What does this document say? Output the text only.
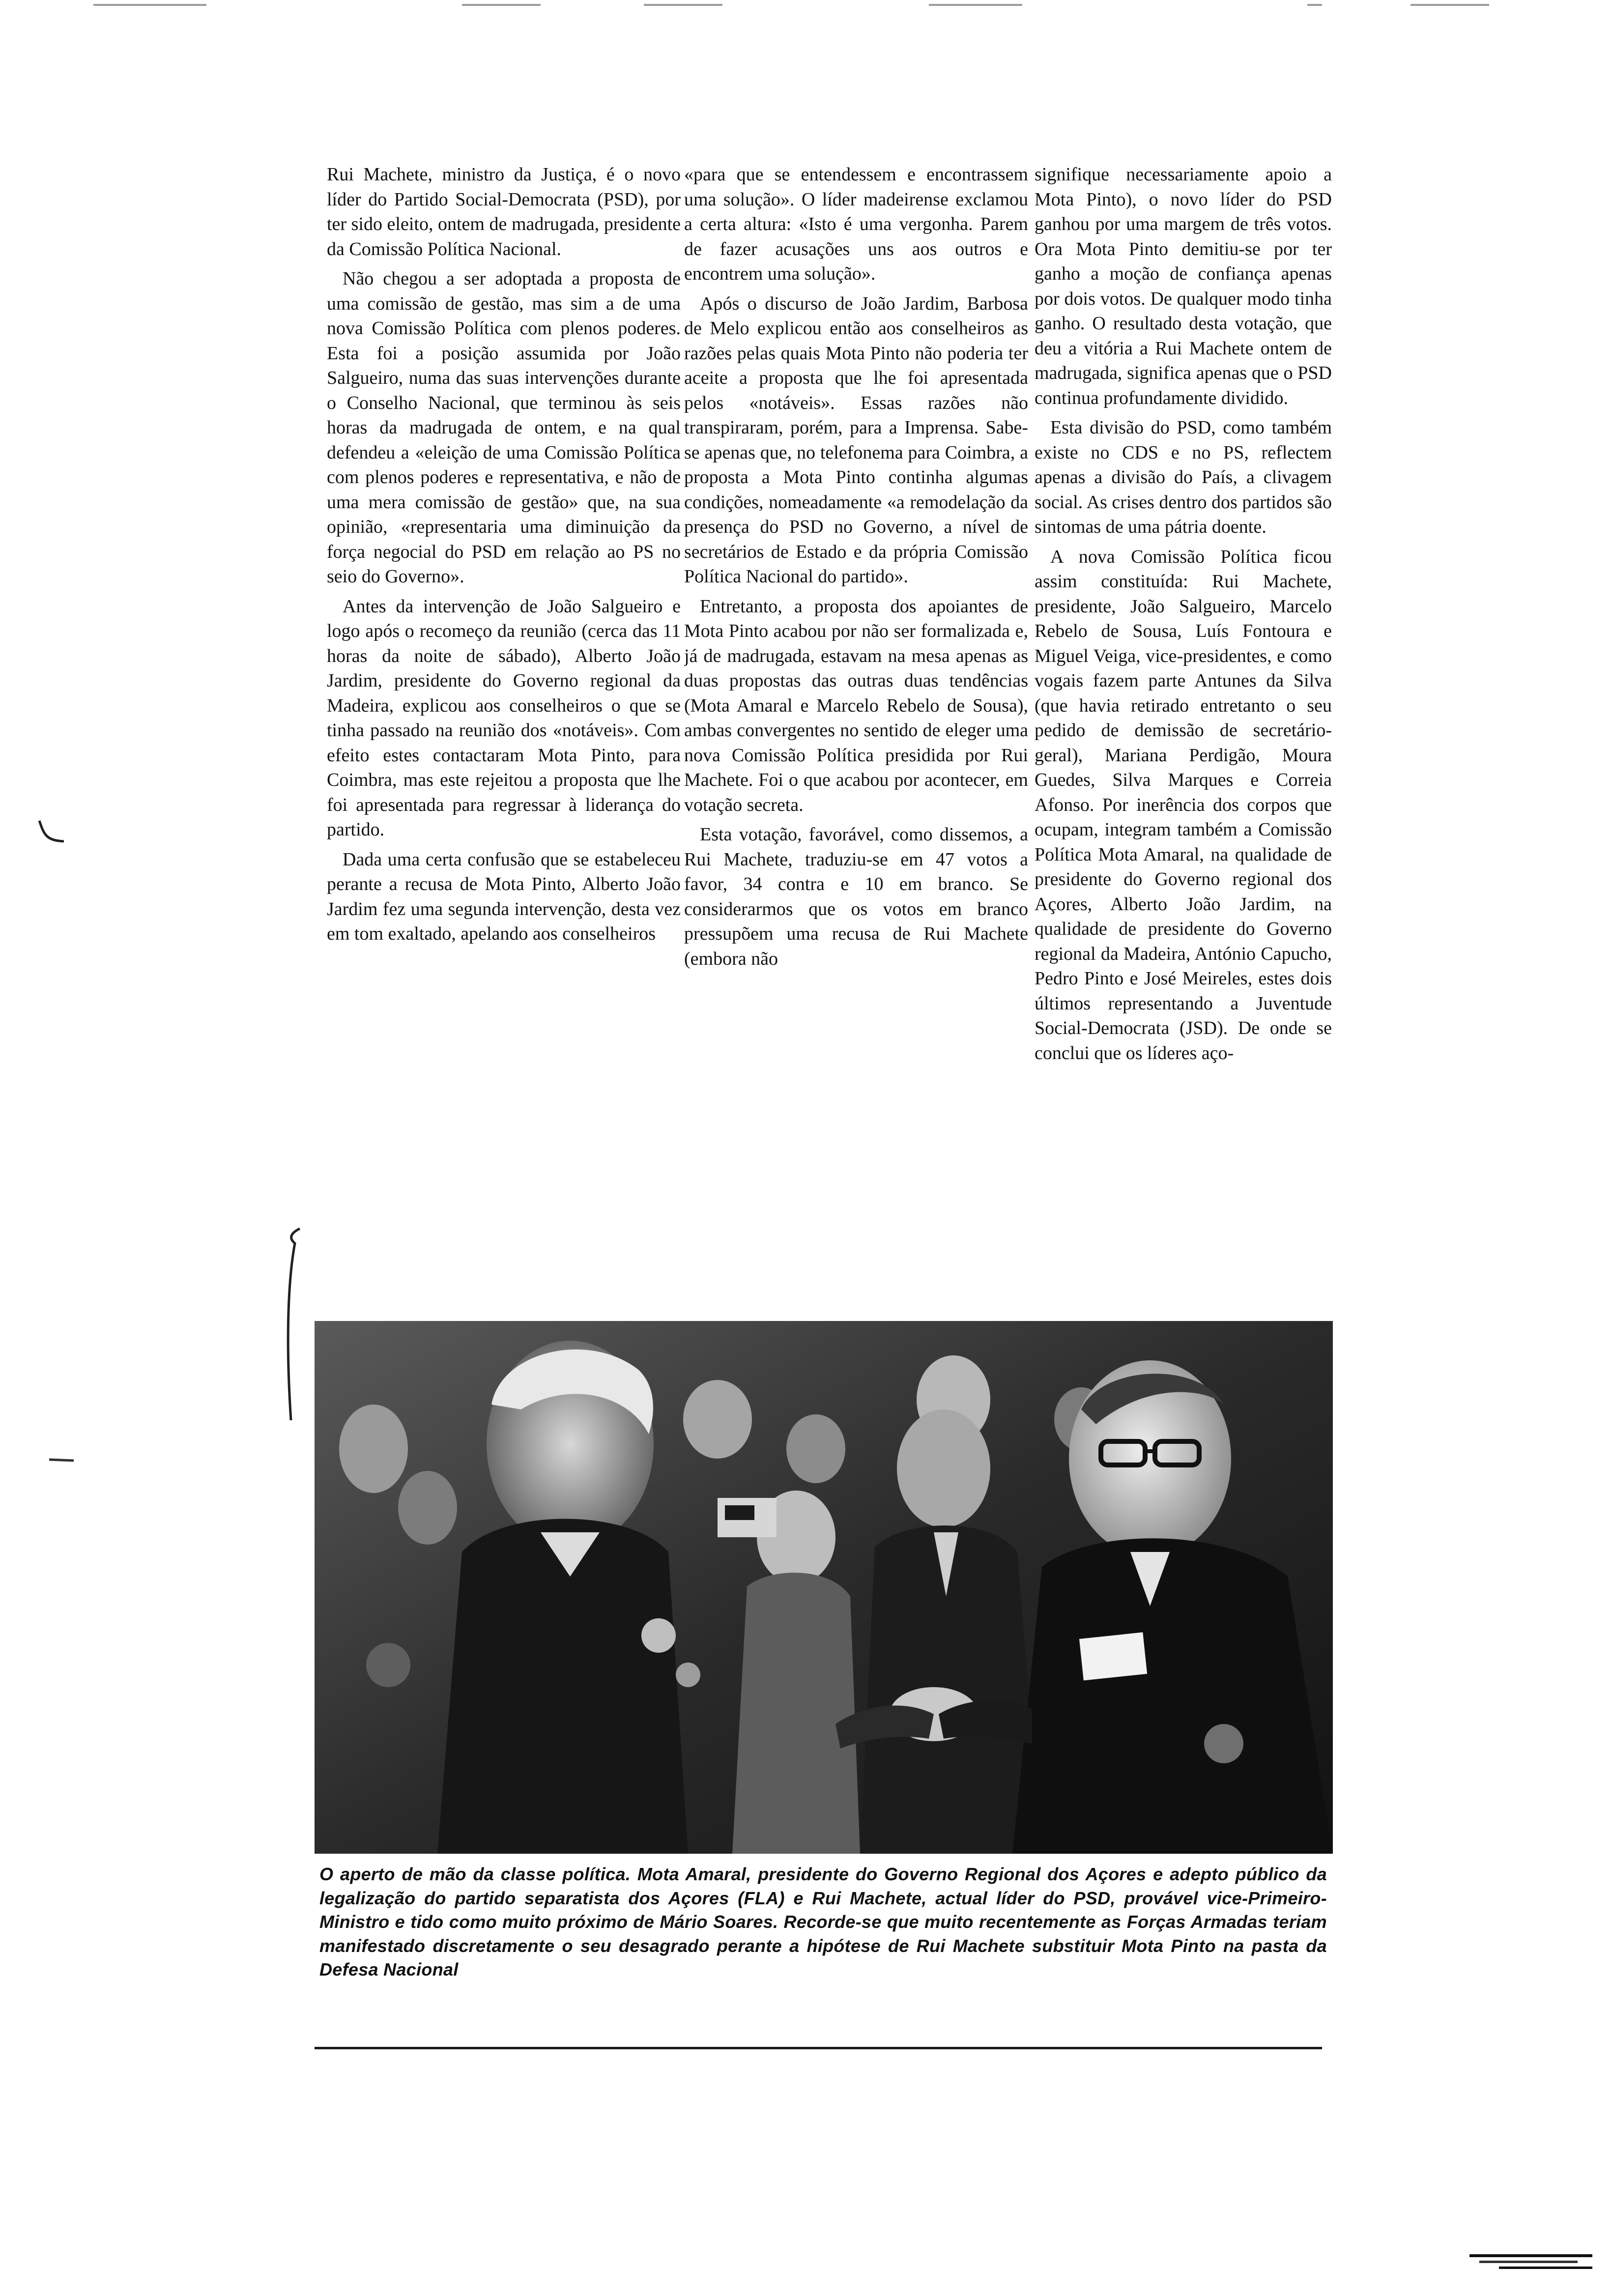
Rui Machete, ministro da Justiça, é o novo líder do Partido Social-Democrata (PSD), por ter sido eleito, ontem de madrugada, presidente da Comissão Política Nacional.

Não chegou a ser adoptada a proposta de uma comissão de gestão, mas sim a de uma nova Comissão Política com plenos poderes. Esta foi a posição assumida por João Salgueiro, numa das suas intervenções durante o Conselho Nacional, que terminou às seis horas da madrugada de ontem, e na qual defendeu a «eleição de uma Comissão Política com plenos poderes e representativa, e não de uma mera comissão de gestão» que, na sua opinião, «representaria uma diminuição da força negocial do PSD em relação ao PS no seio do Governo».

Antes da intervenção de João Salgueiro e logo após o recomeço da reunião (cerca das 11 horas da noite de sábado), Alberto João Jardim, presidente do Governo regional da Madeira, explicou aos conselheiros o que se tinha passado na reunião dos «notáveis». Com efeito estes contactaram Mota Pinto, para Coimbra, mas este rejeitou a proposta que lhe foi apresentada para regressar à liderança do partido.

Dada uma certa confusão que se estabeleceu perante a recusa de Mota Pinto, Alberto João Jardim fez uma segunda intervenção, desta vez em tom exaltado, apelando aos conselheiros

«para que se entendessem e encontrassem uma solução». O líder madeirense exclamou a certa altura: «Isto é uma vergonha. Parem de fazer acusações uns aos outros e encontrem uma solução».

Após o discurso de João Jardim, Barbosa de Melo explicou então aos conselheiros as razões pelas quais Mota Pinto não poderia ter aceite a proposta que lhe foi apresentada pelos «notáveis». Essas razões não transpiraram, porém, para a Imprensa. Sabe-se apenas que, no telefonema para Coimbra, a proposta a Mota Pinto continha algumas condições, nomeadamente «a remodelação da presença do PSD no Governo, a nível de secretários de Estado e da própria Comissão Política Nacional do partido».

Entretanto, a proposta dos apoiantes de Mota Pinto acabou por não ser formalizada e, já de madrugada, estavam na mesa apenas as duas propostas das outras duas tendências (Mota Amaral e Marcelo Rebelo de Sousa), ambas convergentes no sentido de eleger uma nova Comissão Política presidida por Rui Machete. Foi o que acabou por acontecer, em votação secreta.

Esta votação, favorável, como dissemos, a Rui Machete, traduziu-se em 47 votos a favor, 34 contra e 10 em branco. Se considerarmos que os votos em branco pressupõem uma recusa de Rui Machete (embora não

signifique necessariamente apoio a Mota Pinto), o novo líder do PSD ganhou por uma margem de três votos. Ora Mota Pinto demitiu-se por ter ganho a moção de confiança apenas por dois votos. De qualquer modo tinha ganho. O resultado desta votação, que deu a vitória a Rui Machete ontem de madrugada, significa apenas que o PSD continua profundamente dividido.

Esta divisão do PSD, como também existe no CDS e no PS, reflectem apenas a divisão do País, a clivagem social. As crises dentro dos partidos são sintomas de uma pátria doente.

A nova Comissão Política ficou assim constituída: Rui Machete, presidente, João Salgueiro, Marcelo Rebelo de Sousa, Luís Fontoura e Miguel Veiga, vice-presidentes, e como vogais fazem parte Antunes da Silva (que havia retirado entretanto o seu pedido de demissão de secretário-geral), Mariana Perdigão, Moura Guedes, Silva Marques e Correia Afonso. Por inerência dos corpos que ocupam, integram também a Comissão Política Mota Amaral, na qualidade de presidente do Governo regional dos Açores, Alberto João Jardim, na qualidade de presidente do Governo regional da Madeira, António Capucho, Pedro Pinto e José Meireles, estes dois últimos representando a Juventude Social-Democrata (JSD). De onde se conclui que os líderes aço-

O aperto de mão da classe política. Mota Amaral, presidente do Governo Regional dos Açores e adepto público da legalização do partido separatista dos Açores (FLA) e Rui Machete, actual líder do PSD, provável vice-Primeiro-Ministro e tido como muito próximo de Mário Soares. Recorde-se que muito recentemente as Forças Armadas teriam manifestado discretamente o seu desagrado perante a hipótese de Rui Machete substituir Mota Pinto na pasta da Defesa Nacional
